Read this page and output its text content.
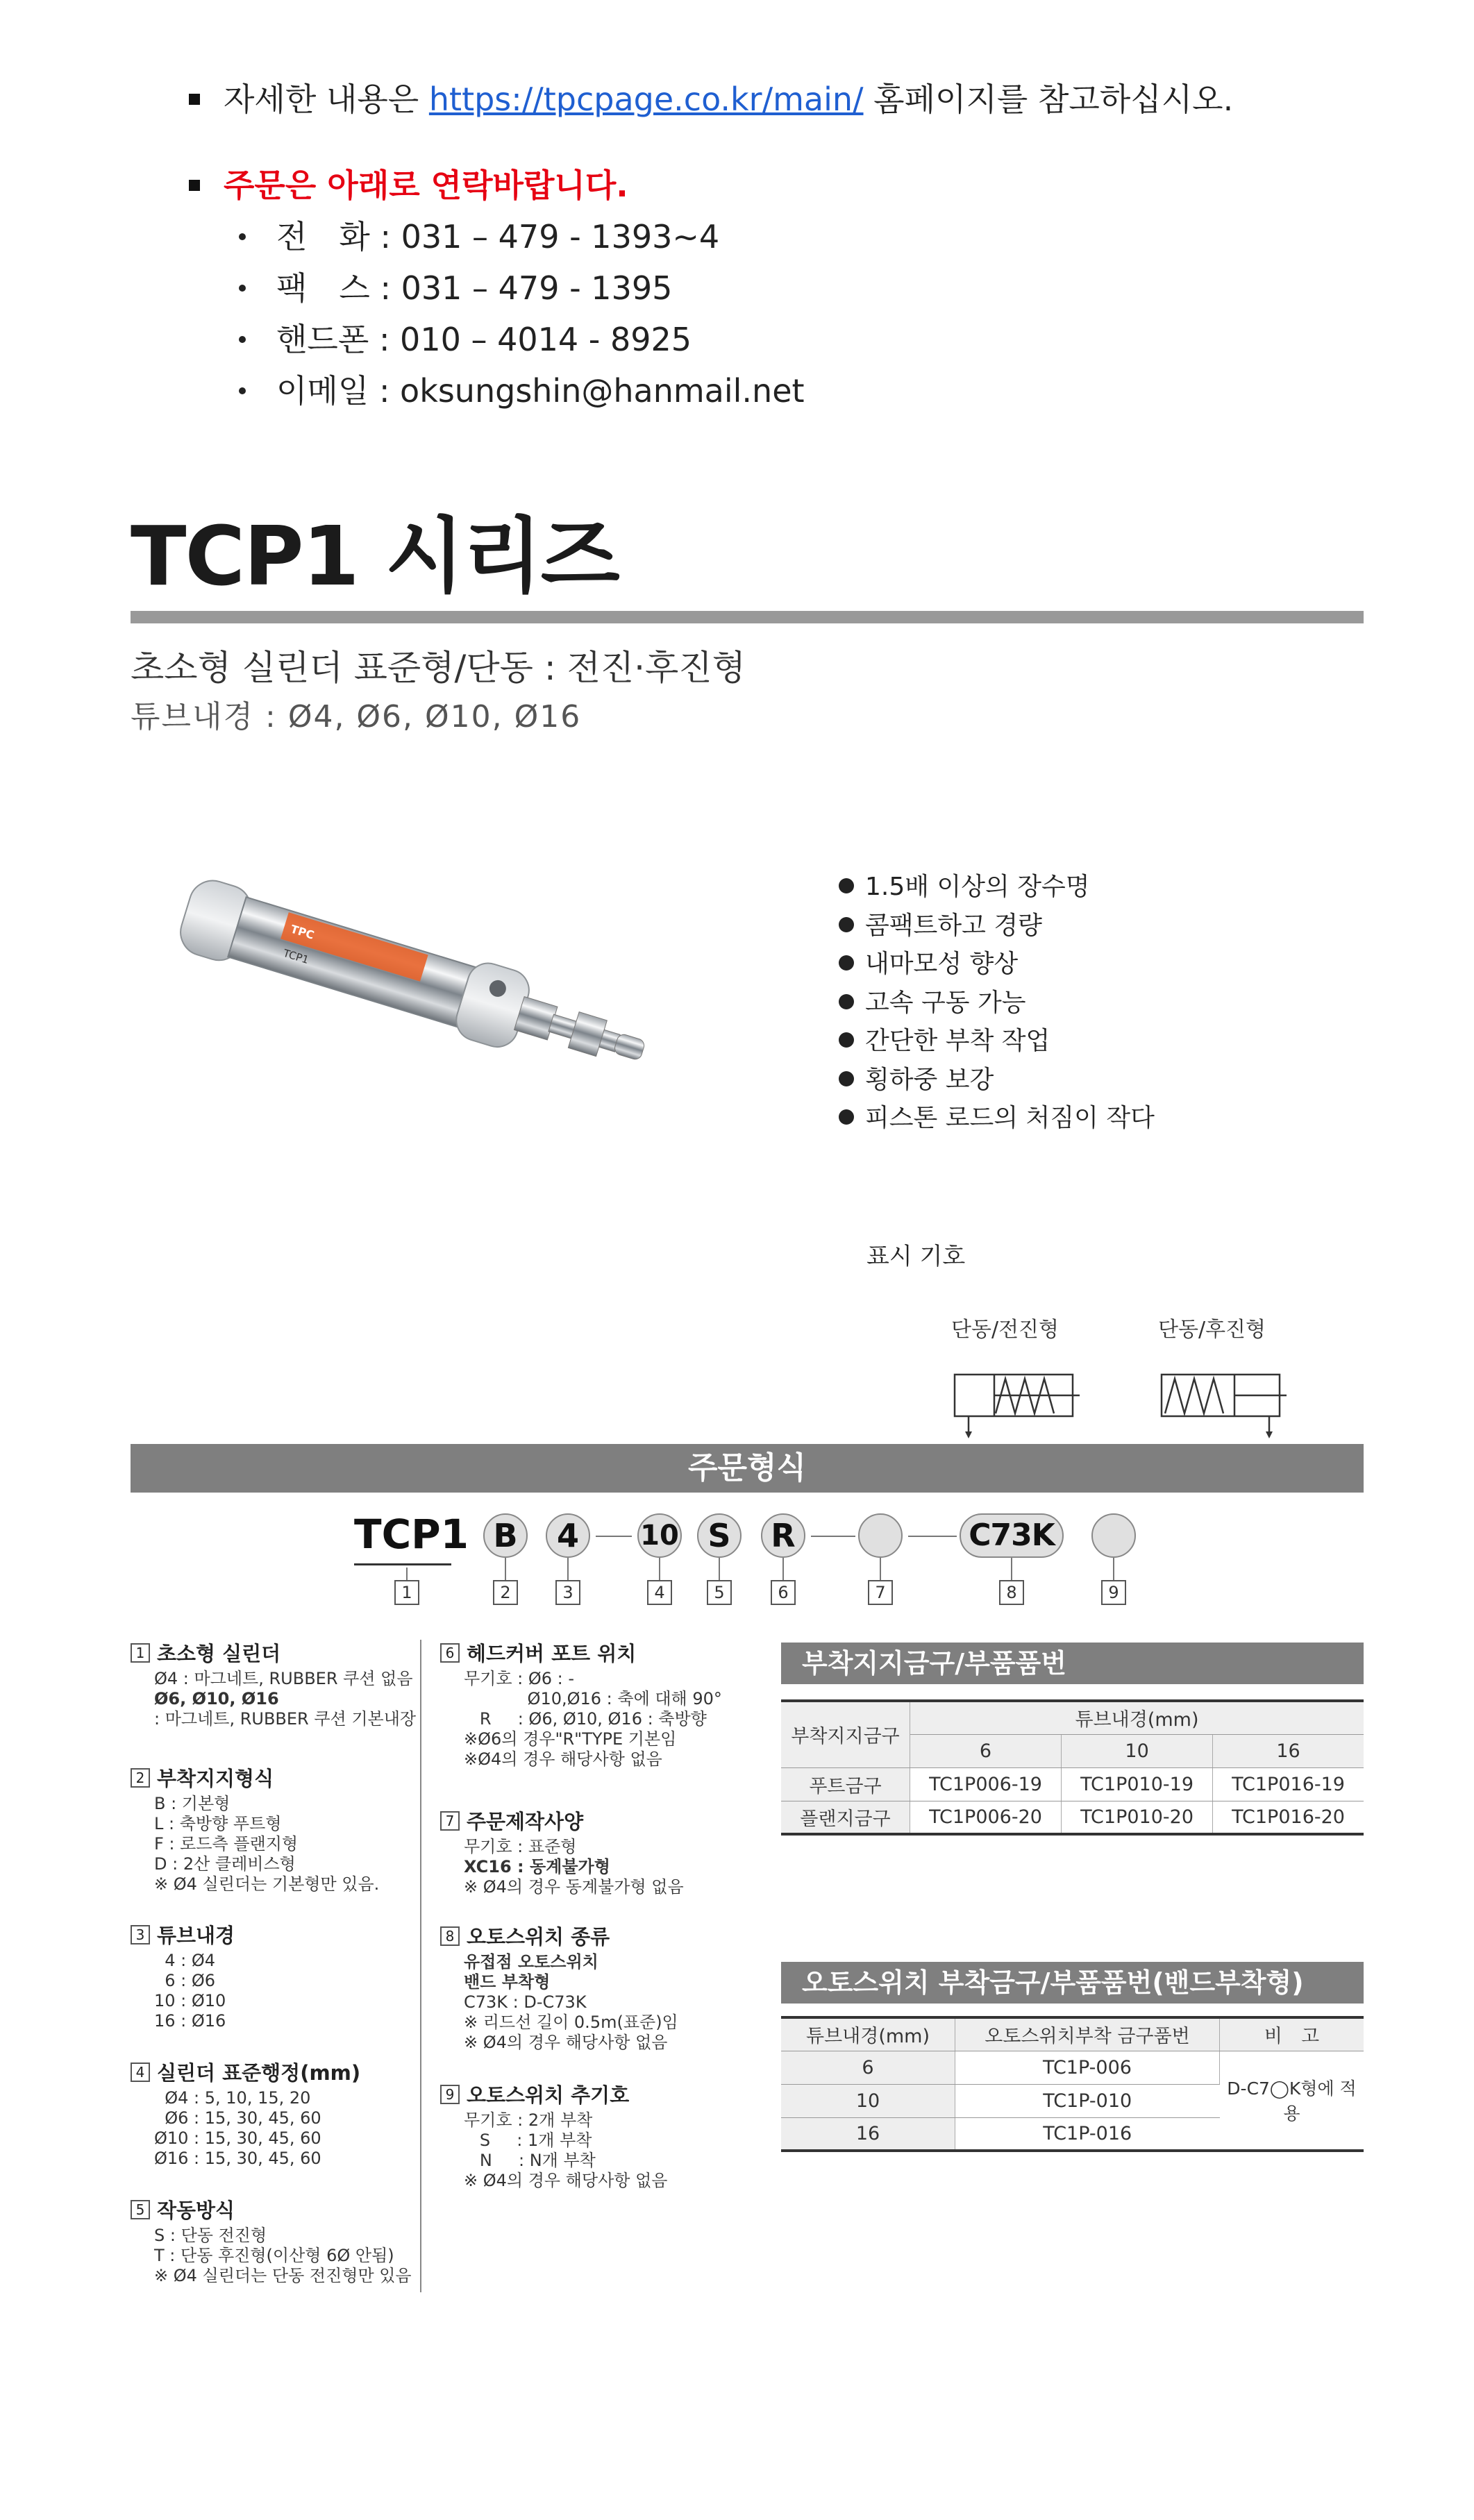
자세한 내용은 https://tpcpage.co.kr/main/ 홈페이지를 참고하십시오.
주문은 아래로 연락바랍니다.
전　화 : 031 – 479 - 1393~4
팩　스 : 031 – 479 - 1395
핸드폰 : 010 – 4014 - 8925
이메일 : oksungshin@hanmail.net
TCP1 시리즈
초소형 실린더 표준형/단동 : 전진·후진형
튜브내경 : Ø4, Ø6, Ø10, Ø16
TPC
TCP1
1.5배 이상의 장수명
콤팩트하고 경량
내마모성 향상
고속 구동 가능
간단한 부착 작업
횡하중 보강
피스톤 로드의 처짐이 작다
표시 기호
단동/전진형	단동/후진형
주문형식
TCP1 B	4	10 S	R	C73K
1	2	3	4	5	6	7	8	9
1 초소형 실린더
Ø4 : 마그네트, RUBBER 쿠션 없음
Ø6, Ø10, Ø16
: 마그네트, RUBBER 쿠션 기본내장
2 부착지지형식
B : 기본형
L : 축방향 푸트형
F : 로드측 플랜지형
D : 2산 클레비스형
※ Ø4 실린더는 기본형만 있음.
3 튜브내경
4 : Ø4
6 : Ø6
10 : Ø10
16 : Ø16
4 실린더 표준행정(mm)
Ø4 : 5, 10, 15, 20
Ø6 : 15, 30, 45, 60
Ø10 : 15, 30, 45, 60
Ø16 : 15, 30, 45, 60
5 작동방식
S : 단동 전진형
T : 단동 후진형(이산형 6Ø 안됨)
※ Ø4 실린더는 단동 전진형만 있음
6 헤드커버 포트 위치
무기호 : Ø6 : -
Ø10,Ø16 : 축에 대해 90°
R     : Ø6, Ø10, Ø16 : 축방향
※Ø6의 경우"R"TYPE 기본임
※Ø4의 경우 해당사항 없음
7 주문제작사양
무기호 : 표준형
XC16 : 동계불가형
※ Ø4의 경우 동계불가형 없음
8 오토스위치 종류
유접점 오토스위치
밴드 부착형
C73K : D-C73K
※ 리드선 길이 0.5m(표준)임
※ Ø4의 경우 해당사항 없음
9 오토스위치 추기호
무기호 : 2개 부착
S     : 1개 부착
N     : N개 부착
※ Ø4의 경우 해당사항 없음
부착지지금구/부품품번
부착지지금구	튜브내경(mm)		
	6	10	16
푸트금구	TC1P006-19	TC1P010-19	TC1P016-19
플랜지금구	TC1P006-20	TC1P010-20	TC1P016-20
오토스위치 부착금구/부품품번(밴드부착형)
튜브내경(mm)	오토스위치부착 금구품번	비　고
6	TC1P-006	D-C7◯K형에 적용
10	TC1P-010	
16	TC1P-016	
